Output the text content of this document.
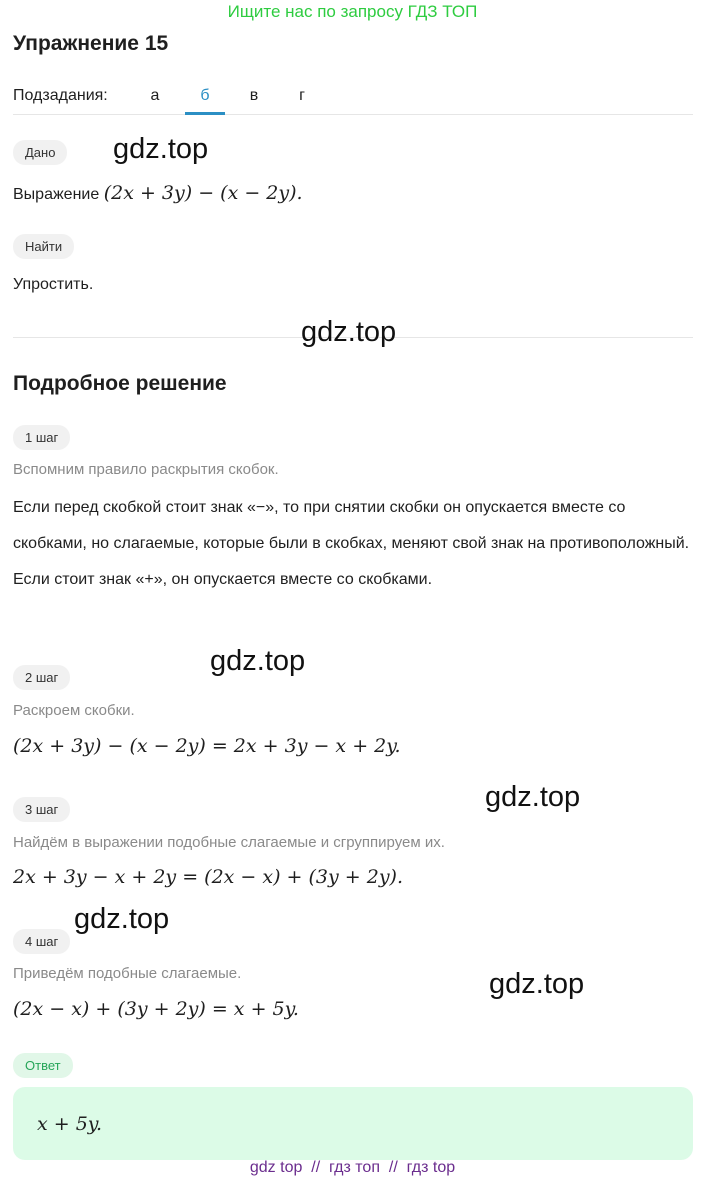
Ищите нас по запросу ГДЗ ТОП
Упражнение 15
Подзадания:	а	б	в	г
Дано	gdz.top
Выражение (2x + 3y) − (x − 2y).
Найти
Упростить.
gdz.top
Подробное решение
1 шаг
Вспомним правило раскрытия скобок.
Если перед скобкой стоит знак «−», то при снятии скобки он опускается вместе со скобками, но слагаемые, которые были в скобках, меняют свой знак на противоположный. Если стоит знак «+», он опускается вместе со скобками.
gdz.top
2 шаг
Раскроем скобки.
(2x + 3y) − (x − 2y) = 2x + 3y − x + 2y.
gdz.top
3 шаг
Найдём в выражении подобные слагаемые и сгруппируем их.
2x + 3y − x + 2y = (2x − x) + (3y + 2y).
gdz.top
4 шаг
Приведём подобные слагаемые.	gdz.top
(2x − x) + (3y + 2y) = x + 5y.
Ответ
x + 5y.
gdz top  //  гдз топ  //  гдз top
